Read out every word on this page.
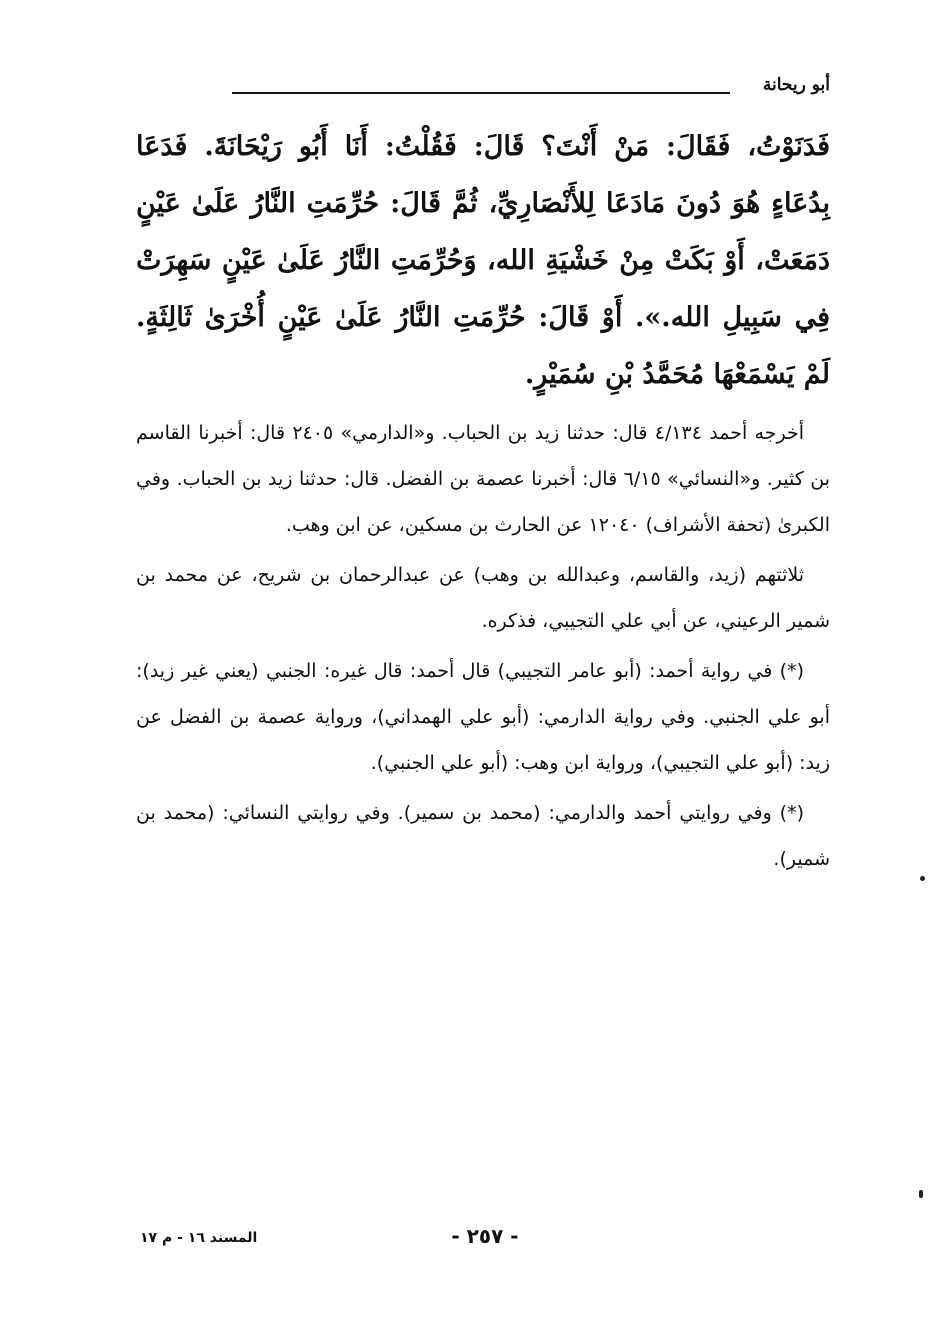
أبو ريحانة

فَدَنَوْتُ، فَقَالَ: مَنْ أَنْتَ؟ قَالَ: فَقُلْتُ: أَنَا أَبُو رَيْحَانَةَ. فَدَعَا بِدُعَاءٍ هُوَ دُونَ مَادَعَا لِلأَنْصَارِيِّ، ثُمَّ قَالَ: حُرِّمَتِ النَّارُ عَلَىٰ عَيْنٍ دَمَعَتْ، أَوْ بَكَتْ مِنْ خَشْيَةِ الله، وَحُرِّمَتِ النَّارُ عَلَىٰ عَيْنٍ سَهِرَتْ فِي سَبِيلِ الله.». أَوْ قَالَ: حُرِّمَتِ النَّارُ عَلَىٰ عَيْنٍ أُخْرَىٰ ثَالِثَةٍ. لَمْ يَسْمَعْهَا مُحَمَّدُ بْنِ سُمَيْرٍ.

أخرجه أحمد ٤/١٣٤ قال: حدثنا زيد بن الحباب. و«الدارمي» ٢٤٠٥ قال: أخبرنا القاسم بن كثير. و«النسائي» ٦/١٥ قال: أخبرنا عصمة بن الفضل. قال: حدثنا زيد بن الحباب. وفي الكبرىٰ (تحفة الأشراف) ١٢٠٤٠ عن الحارث بن مسكين، عن ابن وهب.

ثلاثتهم (زيد، والقاسم، وعبدالله بن وهب) عن عبدالرحمان بن شريح، عن محمد بن شمير الرعيني، عن أبي علي التجيبي، فذكره.

(*) في رواية أحمد: (أبو عامر التجيبي) قال أحمد: قال غيره: الجنبي (يعني غير زيد): أبو علي الجنبي. وفي رواية الدارمي: (أبو علي الهمداني)، ورواية عصمة بن الفضل عن زيد: (أبو علي التجيبي)، ورواية ابن وهب: (أبو علي الجنبي).

(*) وفي روايتي أحمد والدارمي: (محمد بن سمير). وفي روايتي النسائي: (محمد بن شمير).

- ٢٥٧ -
المسند ١٦ - م ١٧
